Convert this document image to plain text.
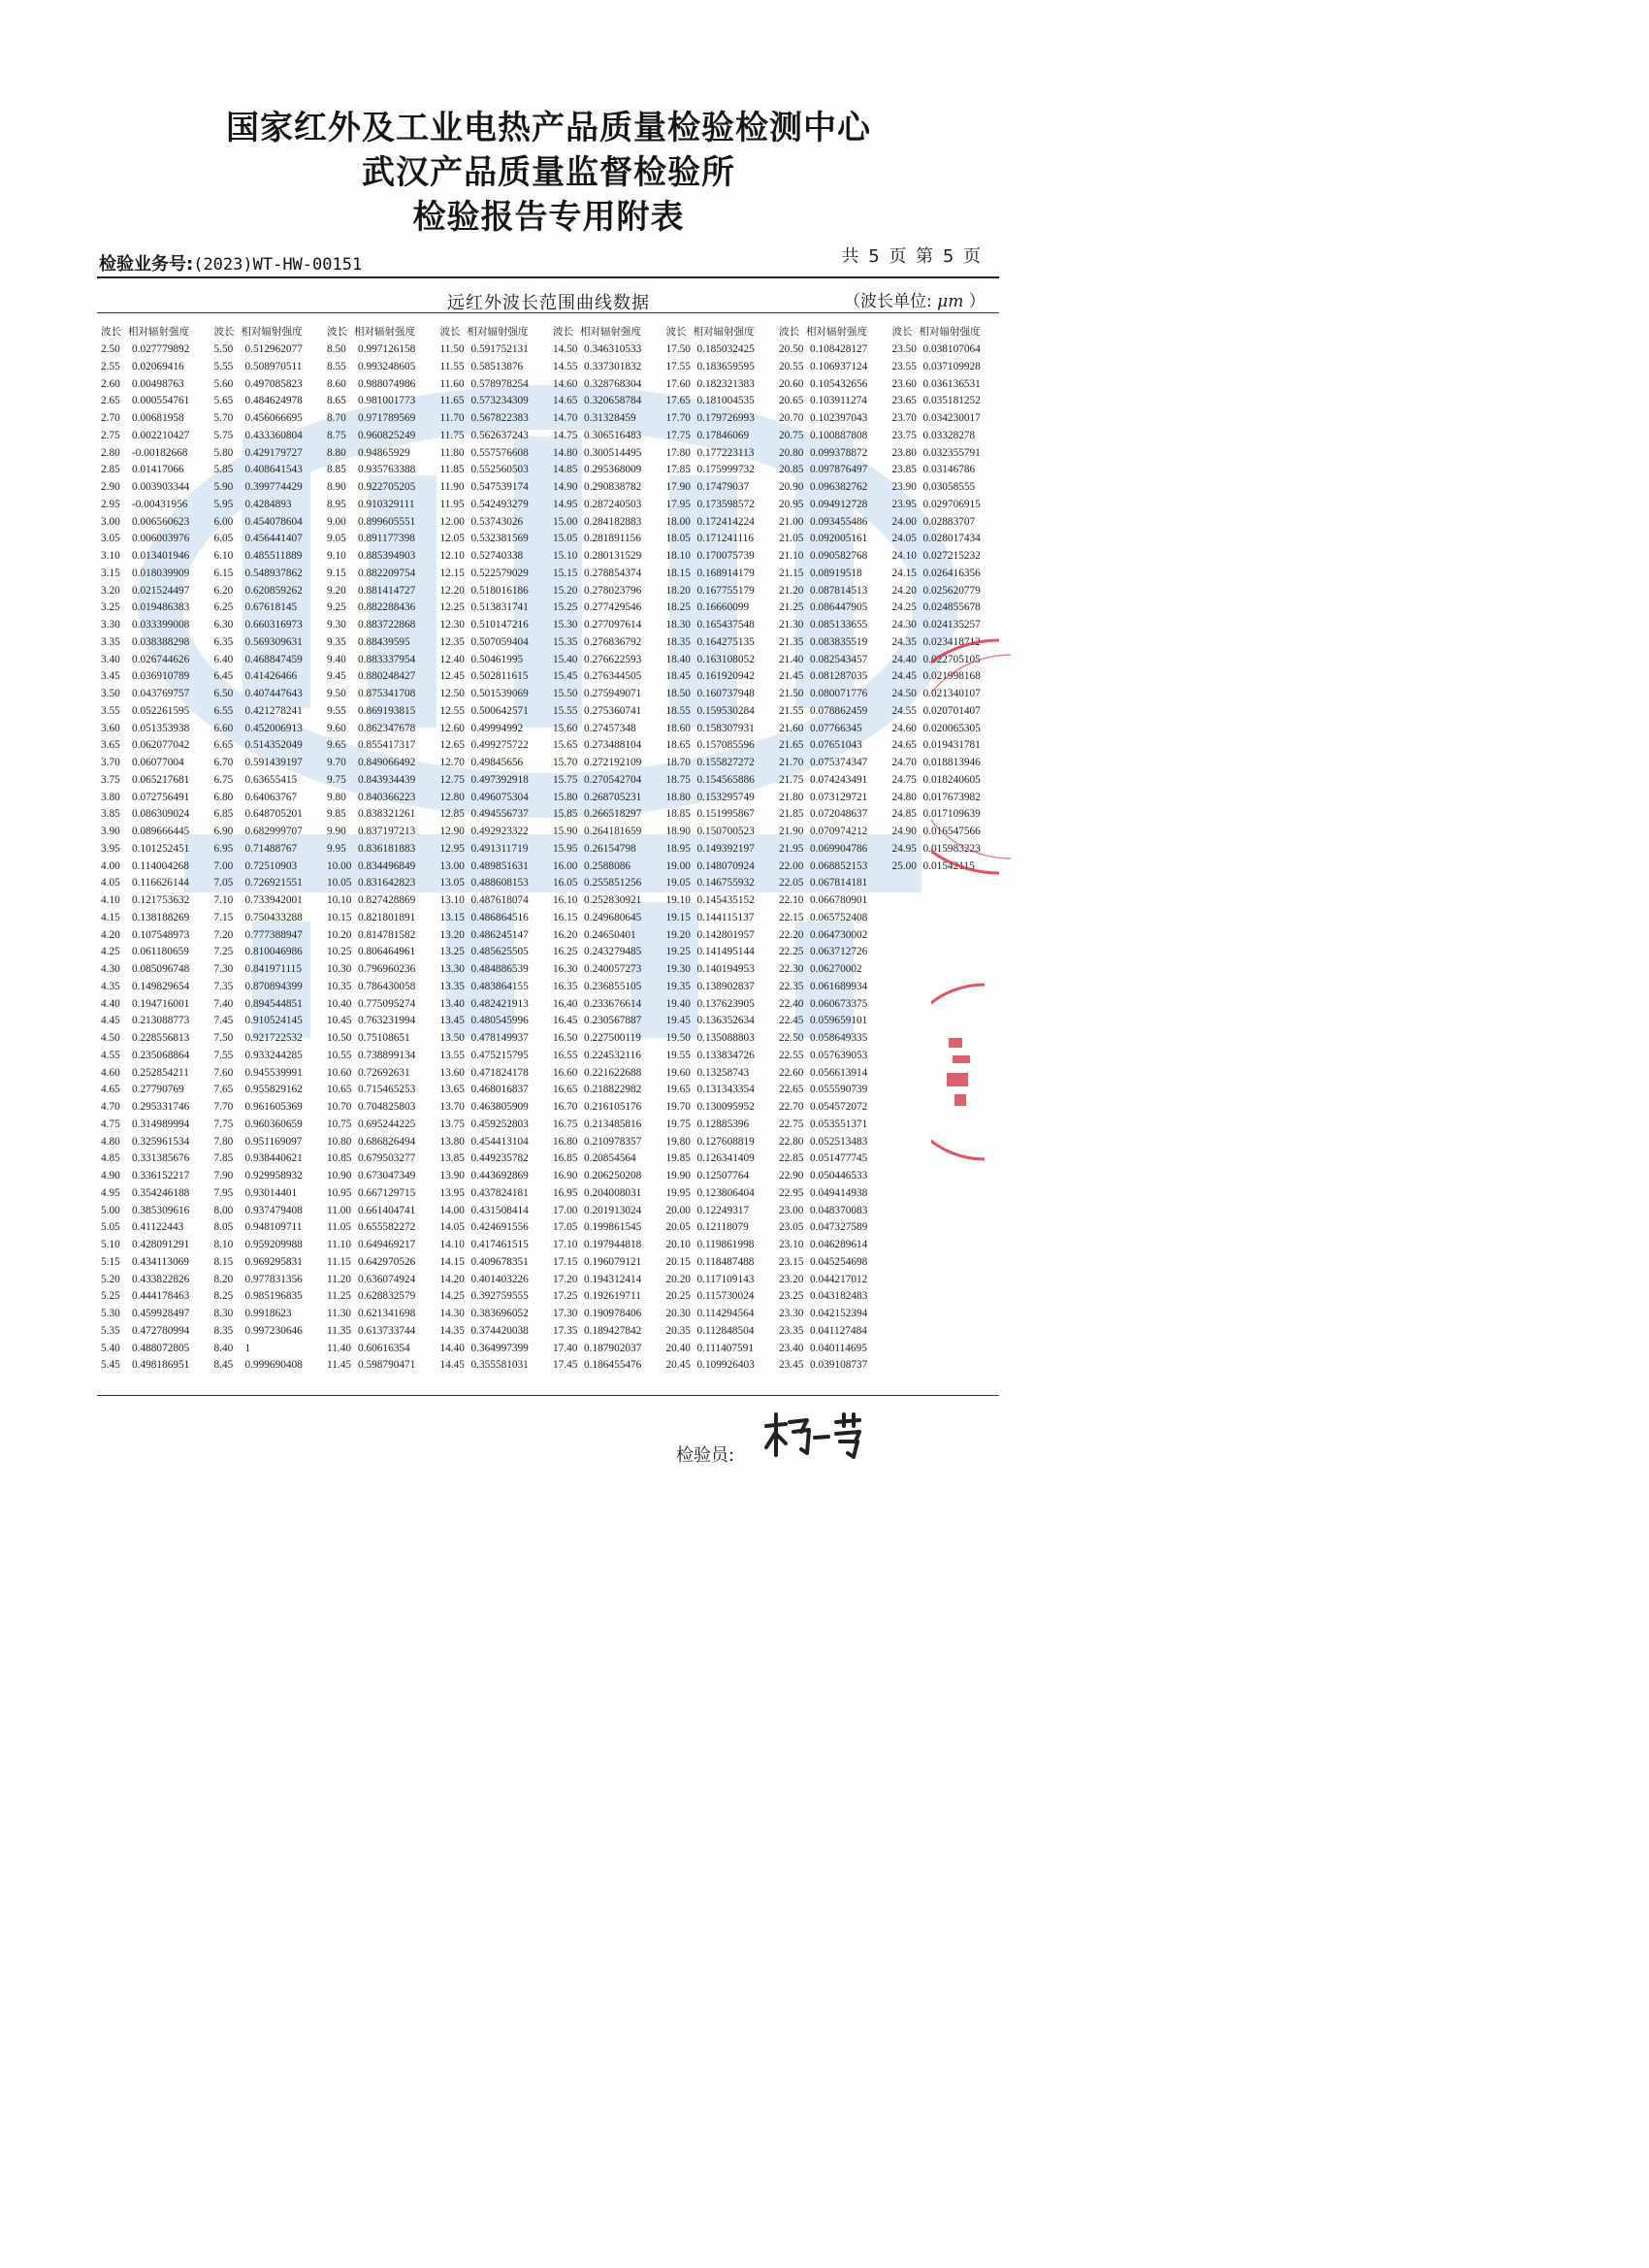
国家红外及工业电热产品质量检验检测中心
武汉产品质量监督检验所
检验报告专用附表
检验业务号:(2023)WT-HW-00151	共 5 页 第 5 页
远红外波长范围曲线数据	（波长单位: μm ）
波长 相对辐射强度
2.50 0.027779892
2.55 0.02069416
2.60 0.00498763
2.65 0.000554761
2.70 0.00681958
2.75 0.002210427
2.80 -0.00182668
2.85 0.01417066
2.90 0.003903344
2.95 -0.00431956
3.00 0.006560623
3.05 0.006003976
3.10 0.013401946
3.15 0.018039909
3.20 0.021524497
3.25 0.019486383
3.30 0.033399008
3.35 0.038388298
3.40 0.026744626
3.45 0.036910789
3.50 0.043769757
3.55 0.052261595
3.60 0.051353938
3.65 0.062077042
3.70 0.06077004
3.75 0.065217681
3.80 0.072756491
3.85 0.086309024
3.90 0.089666445
3.95 0.101252451
4.00 0.114004268
4.05 0.116626144
4.10 0.121753632
4.15 0.138188269
4.20 0.107548973
4.25 0.061180659
4.30 0.085096748
4.35 0.149829654
4.40 0.194716001
4.45 0.213088773
4.50 0.228556813
4.55 0.235068864
4.60 0.252854211
4.65 0.27790769
4.70 0.295331746
4.75 0.314989994
4.80 0.325961534
4.85 0.331385676
4.90 0.336152217
4.95 0.354246188
5.00 0.385309616
5.05 0.41122443
5.10 0.428091291
5.15 0.434113069
5.20 0.433822826
5.25 0.444178463
5.30 0.459928497
5.35 0.472780994
5.40 0.488072805
5.45 0.498186951
波长 相对辐射强度
5.50 0.512962077
5.55 0.508970511
5.60 0.497085823
5.65 0.484624978
5.70 0.456066695
5.75 0.433360804
5.80 0.429179727
5.85 0.408641543
5.90 0.399774429
5.95 0.4284893
6.00 0.454078604
6.05 0.456441407
6.10 0.485511889
6.15 0.548937862
6.20 0.620859262
6.25 0.67618145
6.30 0.660316973
6.35 0.569309631
6.40 0.468847459
6.45 0.41426466
6.50 0.407447643
6.55 0.421278241
6.60 0.452006913
6.65 0.514352049
6.70 0.591439197
6.75 0.63655415
6.80 0.64063767
6.85 0.648705201
6.90 0.682999707
6.95 0.71488767
7.00 0.72510903
7.05 0.726921551
7.10 0.733942001
7.15 0.750433288
7.20 0.777388947
7.25 0.810046986
7.30 0.841971115
7.35 0.870894399
7.40 0.894544851
7.45 0.910524145
7.50 0.921722532
7.55 0.933244285
7.60 0.945539991
7.65 0.955829162
7.70 0.961605369
7.75 0.960360659
7.80 0.951169097
7.85 0.938440621
7.90 0.929958932
7.95 0.93014401
8.00 0.937479408
8.05 0.948109711
8.10 0.959209988
8.15 0.969295831
8.20 0.977831356
8.25 0.985196835
8.30 0.9918623
8.35 0.997230646
8.40 1
8.45 0.999690408
波长 相对辐射强度
8.50 0.997126158
8.55 0.993248605
8.60 0.988074986
8.65 0.981001773
8.70 0.971789569
8.75 0.960825249
8.80 0.94865929
8.85 0.935763388
8.90 0.922705205
8.95 0.910329111
9.00 0.899605551
9.05 0.891177398
9.10 0.885394903
9.15 0.882209754
9.20 0.881414727
9.25 0.882288436
9.30 0.883722868
9.35 0.88439595
9.40 0.883337954
9.45 0.880248427
9.50 0.875341708
9.55 0.869193815
9.60 0.862347678
9.65 0.855417317
9.70 0.849066492
9.75 0.843934439
9.80 0.840366223
9.85 0.838321261
9.90 0.837197213
9.95 0.836181883
10.00 0.834496849
10.05 0.831642823
10.10 0.827428869
10.15 0.821801891
10.20 0.814781582
10.25 0.806464961
10.30 0.796960236
10.35 0.786430058
10.40 0.775095274
10.45 0.763231994
10.50 0.75108651
10.55 0.738899134
10.60 0.72692631
10.65 0.715465253
10.70 0.704825803
10.75 0.695244225
10.80 0.686826494
10.85 0.679503277
10.90 0.673047349
10.95 0.667129715
11.00 0.661404741
11.05 0.655582272
11.10 0.649469217
11.15 0.642970526
11.20 0.636074924
11.25 0.628832579
11.30 0.621341698
11.35 0.613733744
11.40 0.60616354
11.45 0.598790471
波长 相对辐射强度
11.50 0.591752131
11.55 0.58513876
11.60 0.578978254
11.65 0.573234309
11.70 0.567822383
11.75 0.562637243
11.80 0.557576608
11.85 0.552560503
11.90 0.547539174
11.95 0.542493279
12.00 0.53743026
12.05 0.532381569
12.10 0.52740338
12.15 0.522579029
12.20 0.518016186
12.25 0.513831741
12.30 0.510147216
12.35 0.507059404
12.40 0.50461995
12.45 0.502811615
12.50 0.501539069
12.55 0.500642571
12.60 0.49994992
12.65 0.499275722
12.70 0.49845656
12.75 0.497392918
12.80 0.496075304
12.85 0.494556737
12.90 0.492923322
12.95 0.491311719
13.00 0.489851631
13.05 0.488608153
13.10 0.487618074
13.15 0.486864516
13.20 0.486245147
13.25 0.485625505
13.30 0.484886539
13.35 0.483864155
13.40 0.482421913
13.45 0.480545996
13.50 0.478149937
13.55 0.475215795
13.60 0.471824178
13.65 0.468016837
13.70 0.463805909
13.75 0.459252803
13.80 0.454413104
13.85 0.449235782
13.90 0.443692869
13.95 0.437824181
14.00 0.431508414
14.05 0.424691556
14.10 0.417461515
14.15 0.409678351
14.20 0.401403226
14.25 0.392759555
14.30 0.383696052
14.35 0.374420038
14.40 0.364997399
14.45 0.355581031
波长 相对辐射强度
14.50 0.346310533
14.55 0.337301832
14.60 0.328768304
14.65 0.320658784
14.70 0.31328459
14.75 0.306516483
14.80 0.300514495
14.85 0.295368009
14.90 0.290838782
14.95 0.287240503
15.00 0.284182883
15.05 0.281891156
15.10 0.280131529
15.15 0.278854374
15.20 0.278023796
15.25 0.277429546
15.30 0.277097614
15.35 0.276836792
15.40 0.276622593
15.45 0.276344505
15.50 0.275949071
15.55 0.275360741
15.60 0.27457348
15.65 0.273488104
15.70 0.272192109
15.75 0.270542704
15.80 0.268705231
15.85 0.266518297
15.90 0.264181659
15.95 0.26154798
16.00 0.2588086
16.05 0.255851256
16.10 0.252830921
16.15 0.249680645
16.20 0.24650401
16.25 0.243279485
16.30 0.240057273
16.35 0.236855105
16.40 0.233676614
16.45 0.230567887
16.50 0.227500119
16.55 0.224532116
16.60 0.221622688
16.65 0.218822982
16.70 0.216105176
16.75 0.213485816
16.80 0.210978357
16.85 0.20854564
16.90 0.206250208
16.95 0.204008031
17.00 0.201913024
17.05 0.199861545
17.10 0.197944818
17.15 0.196079121
17.20 0.194312414
17.25 0.192619711
17.30 0.190978406
17.35 0.189427842
17.40 0.187902037
17.45 0.186455476
波长 相对辐射强度
17.50 0.185032425
17.55 0.183659595
17.60 0.182321383
17.65 0.181004535
17.70 0.179726993
17.75 0.17846069
17.80 0.177223113
17.85 0.175999732
17.90 0.17479037
17.95 0.173598572
18.00 0.172414224
18.05 0.171241116
18.10 0.170075739
18.15 0.168914179
18.20 0.167755179
18.25 0.16660099
18.30 0.165437548
18.35 0.164275135
18.40 0.163108052
18.45 0.161920942
18.50 0.160737948
18.55 0.159530284
18.60 0.158307931
18.65 0.157085596
18.70 0.155827272
18.75 0.154565886
18.80 0.153295749
18.85 0.151995867
18.90 0.150700523
18.95 0.149392197
19.00 0.148070924
19.05 0.146755932
19.10 0.145435152
19.15 0.144115137
19.20 0.142801957
19.25 0.141495144
19.30 0.140194953
19.35 0.138902837
19.40 0.137623905
19.45 0.136352634
19.50 0.135088803
19.55 0.133834726
19.60 0.13258743
19.65 0.131343354
19.70 0.130095952
19.75 0.12885396
19.80 0.127608819
19.85 0.126341409
19.90 0.12507764
19.95 0.123806404
20.00 0.12249317
20.05 0.12118079
20.10 0.119861998
20.15 0.118487488
20.20 0.117109143
20.25 0.115730024
20.30 0.114294564
20.35 0.112848504
20.40 0.111407591
20.45 0.109926403
波长 相对辐射强度
20.50 0.108428127
20.55 0.106937124
20.60 0.105432656
20.65 0.103911274
20.70 0.102397043
20.75 0.100887808
20.80 0.099378872
20.85 0.097876497
20.90 0.096382762
20.95 0.094912728
21.00 0.093455486
21.05 0.092005161
21.10 0.090582768
21.15 0.08919518
21.20 0.087814513
21.25 0.086447905
21.30 0.085133655
21.35 0.083835519
21.40 0.082543457
21.45 0.081287035
21.50 0.080071776
21.55 0.078862459
21.60 0.07766345
21.65 0.07651043
21.70 0.075374347
21.75 0.074243491
21.80 0.073129721
21.85 0.072048637
21.90 0.070974212
21.95 0.069904786
22.00 0.068852153
22.05 0.067814181
22.10 0.066780901
22.15 0.065752408
22.20 0.064730002
22.25 0.063712726
22.30 0.06270002
22.35 0.061689934
22.40 0.060673375
22.45 0.059659101
22.50 0.058649335
22.55 0.057639053
22.60 0.056613914
22.65 0.055590739
22.70 0.054572072
22.75 0.053551371
22.80 0.052513483
22.85 0.051477745
22.90 0.050446533
22.95 0.049414938
23.00 0.048370083
23.05 0.047327589
23.10 0.046289614
23.15 0.045254698
23.20 0.044217012
23.25 0.043182483
23.30 0.042152394
23.35 0.041127484
23.40 0.040114695
23.45 0.039108737
波长 相对辐射强度
23.50 0.038107064
23.55 0.037109928
23.60 0.036136531
23.65 0.035181252
23.70 0.034230017
23.75 0.03328278
23.80 0.032355791
23.85 0.03146786
23.90 0.03058555
23.95 0.029706915
24.00 0.02883707
24.05 0.028017434
24.10 0.027215232
24.15 0.026416356
24.20 0.025620779
24.25 0.024855678
24.30 0.024135257
24.35 0.023418712
24.40 0.022705105
24.45 0.021998168
24.50 0.021340107
24.55 0.020701407
24.60 0.020065305
24.65 0.019431781
24.70 0.018813946
24.75 0.018240605
24.80 0.017673982
24.85 0.017109639
24.90 0.016547566
24.95 0.015983223
25.00 0.01542115
检验员:
